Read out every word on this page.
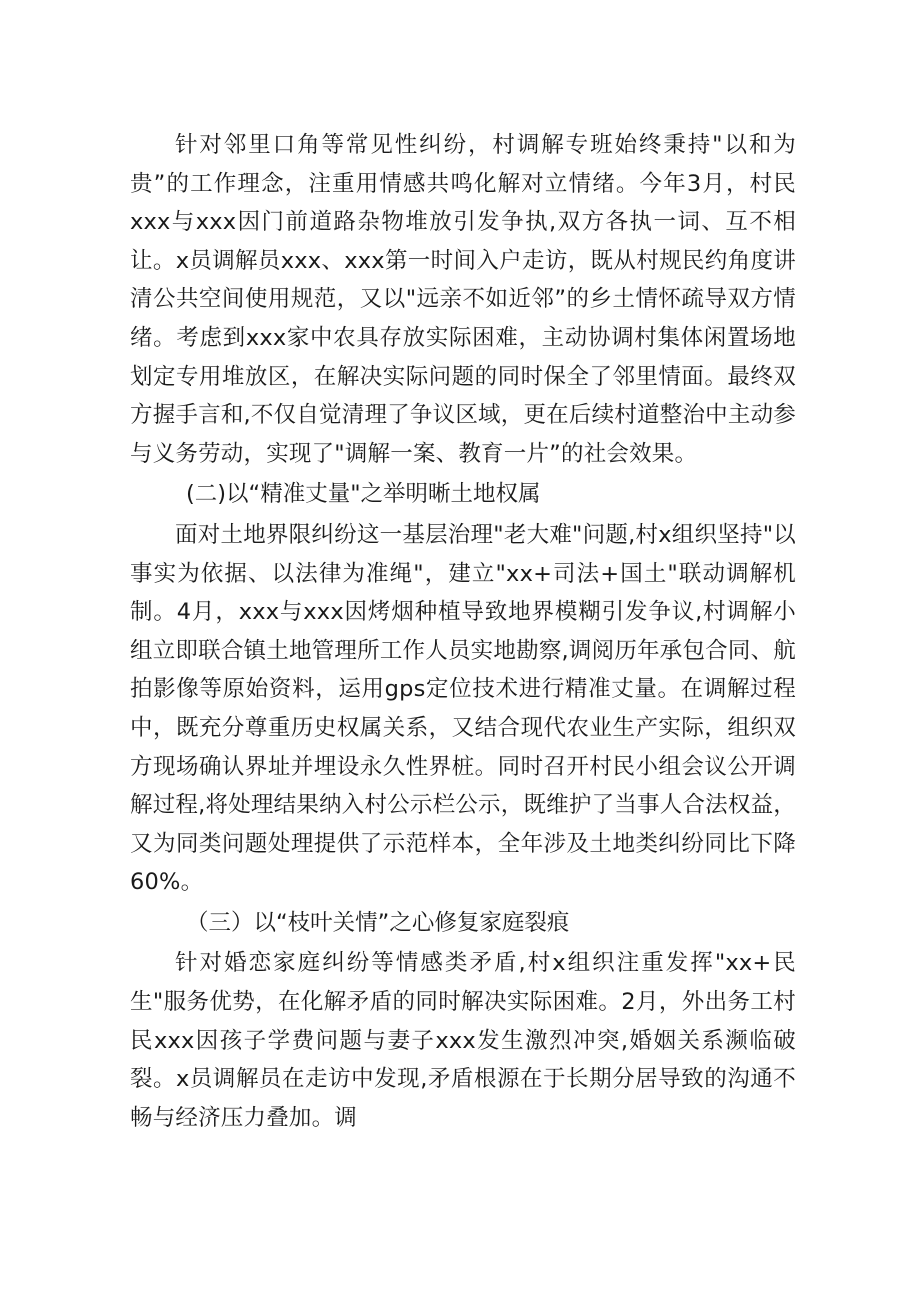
针对邻里口角等常见性纠纷，村调解专班始终秉持"以和为贵”的工作理念，注重用情感共鸣化解对立情绪。今年3月，村民xxx与xxx因门前道路杂物堆放引发争执,双方各执一词、互不相让。x员调解员xxx、xxx第一时间入户走访，既从村规民约角度讲清公共空间使用规范，又以"远亲不如近邻”的乡土情怀疏导双方情绪。考虑到xxx家中农具存放实际困难，主动协调村集体闲置场地划定专用堆放区，在解决实际问题的同时保全了邻里情面。最终双方握手言和,不仅自觉清理了争议区域，更在后续村道整治中主动参与义务劳动，实现了"调解一案、教育一片”的社会效果。

(二)以“精准丈量"之举明晰土地权属

面对土地界限纠纷这一基层治理"老大难"问题,村x组织坚持"以事实为依据、以法律为准绳"，建立"xx+司法+国土"联动调解机制。4月，xxx与xxx因烤烟种植导致地界模糊引发争议,村调解小组立即联合镇土地管理所工作人员实地勘察,调阅历年承包合同、航拍影像等原始资料，运用gps定位技术进行精准丈量。在调解过程中，既充分尊重历史权属关系，又结合现代农业生产实际，组织双方现场确认界址并埋设永久性界桩。同时召开村民小组会议公开调解过程,将处理结果纳入村公示栏公示，既维护了当事人合法权益，又为同类问题处理提供了示范样本，全年涉及土地类纠纷同比下降60%。

（三）以“枝叶关情”之心修复家庭裂痕

针对婚恋家庭纠纷等情感类矛盾,村x组织注重发挥"xx+民生"服务优势，在化解矛盾的同时解决实际困难。2月，外出务工村民xxx因孩子学费问题与妻子xxx发生激烈冲突,婚姻关系濒临破裂。x员调解员在走访中发现,矛盾根源在于长期分居导致的沟通不畅与经济压力叠加。调
